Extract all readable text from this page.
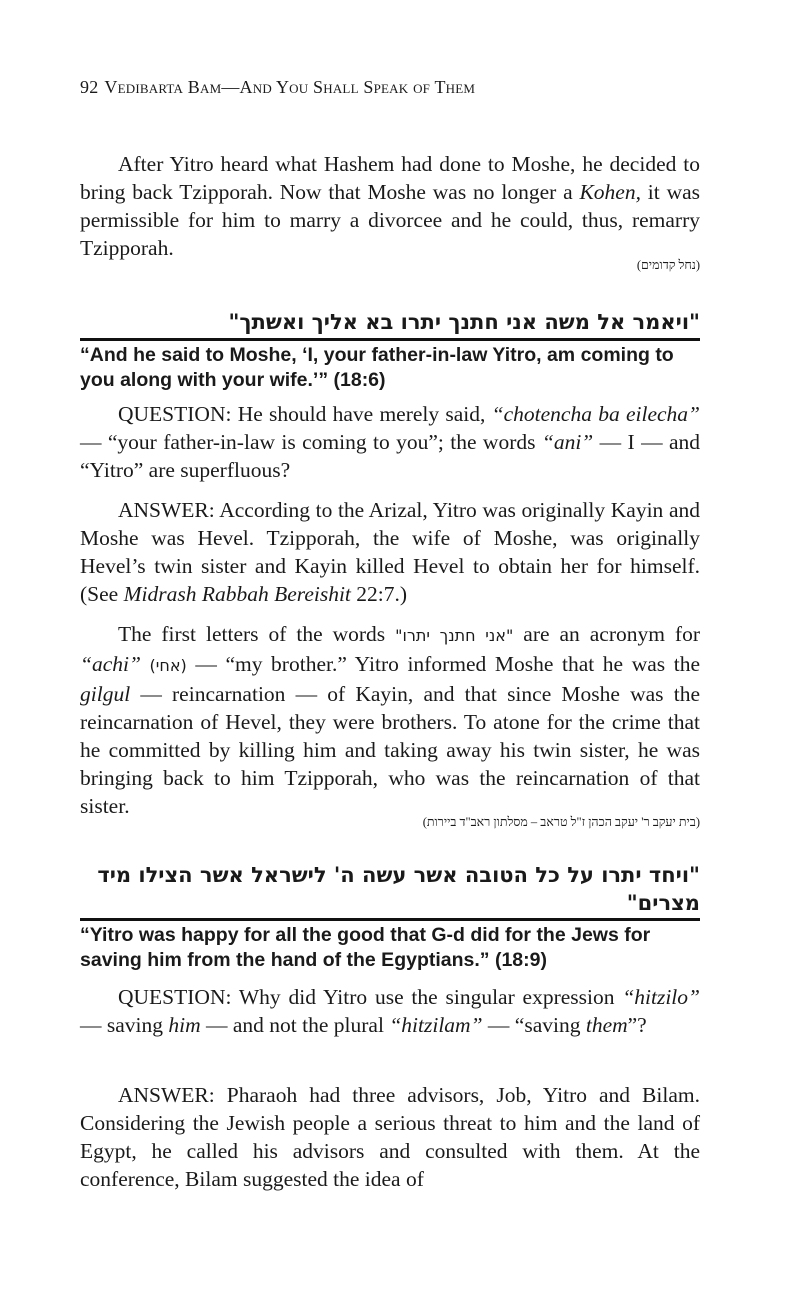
92 Vedibarta Bam—And You Shall Speak of Them

After Yitro heard what Hashem had done to Moshe, he decided to bring back Tzipporah. Now that Moshe was no longer a Kohen, it was permissible for him to marry a divorcee and he could, thus, remarry Tzipporah.

(נחל קדומים)
"ויאמר אל משה אני חתנך יתרו בא אליך ואשתך"
“And he said to Moshe, ‘I, your father-in-law Yitro, am coming to you along with your wife.’” (18:6)

QUESTION: He should have merely said, “chotencha ba eilecha” — “your father-in-law is coming to you”; the words “ani” — I — and “Yitro” are superfluous?

ANSWER: According to the Arizal, Yitro was originally Kayin and Moshe was Hevel. Tzipporah, the wife of Moshe, was originally Hevel’s twin sister and Kayin killed Hevel to obtain her for himself. (See Midrash Rabbah Bereishit 22:7.)

The first letters of the words "אני חתנך יתרו" are an acronym for “achi” (אחי) — “my brother.” Yitro informed Moshe that he was the gilgul — reincarnation — of Kayin, and that since Moshe was the reincarnation of Hevel, they were brothers. To atone for the crime that he committed by killing him and taking away his twin sister, he was bringing back to him Tzipporah, who was the reincarnation of that sister.

(בית יעקב ר' יעקב הכהן ז"ל טראב – מסלתון ראב"ד ביירות)
"ויחד יתרו על כל הטובה אשר עשה ה' לישראל אשר הצילו מיד מצרים"
“Yitro was happy for all the good that G-d did for the Jews for saving him from the hand of the Egyptians.” (18:9)

QUESTION: Why did Yitro use the singular expression “hitzilo” — saving him — and not the plural “hitzilam” — “saving them”?

ANSWER: Pharaoh had three advisors, Job, Yitro and Bilam. Considering the Jewish people a serious threat to him and the land of Egypt, he called his advisors and consulted with them. At the conference, Bilam suggested the idea of
